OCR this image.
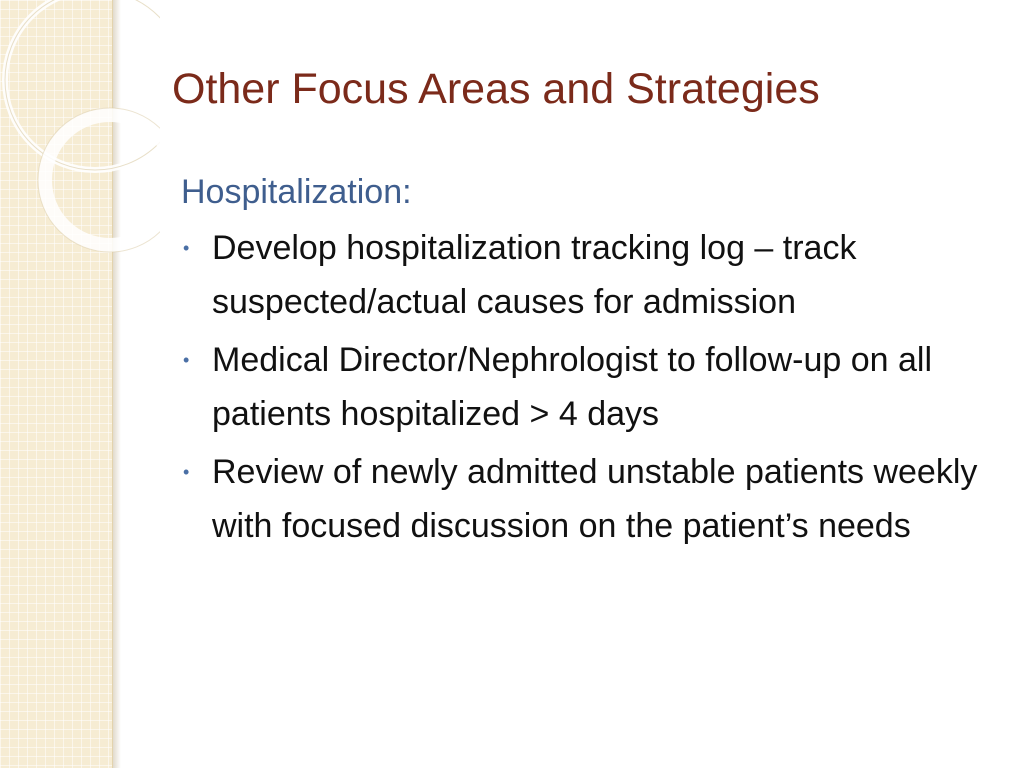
Other Focus Areas and Strategies
Hospitalization:
• Develop hospitalization tracking log – track suspected/actual causes for admission
• Medical Director/Nephrologist to follow-up on all patients hospitalized > 4 days
• Review of newly admitted unstable patients weekly with focused discussion on the patient’s needs
